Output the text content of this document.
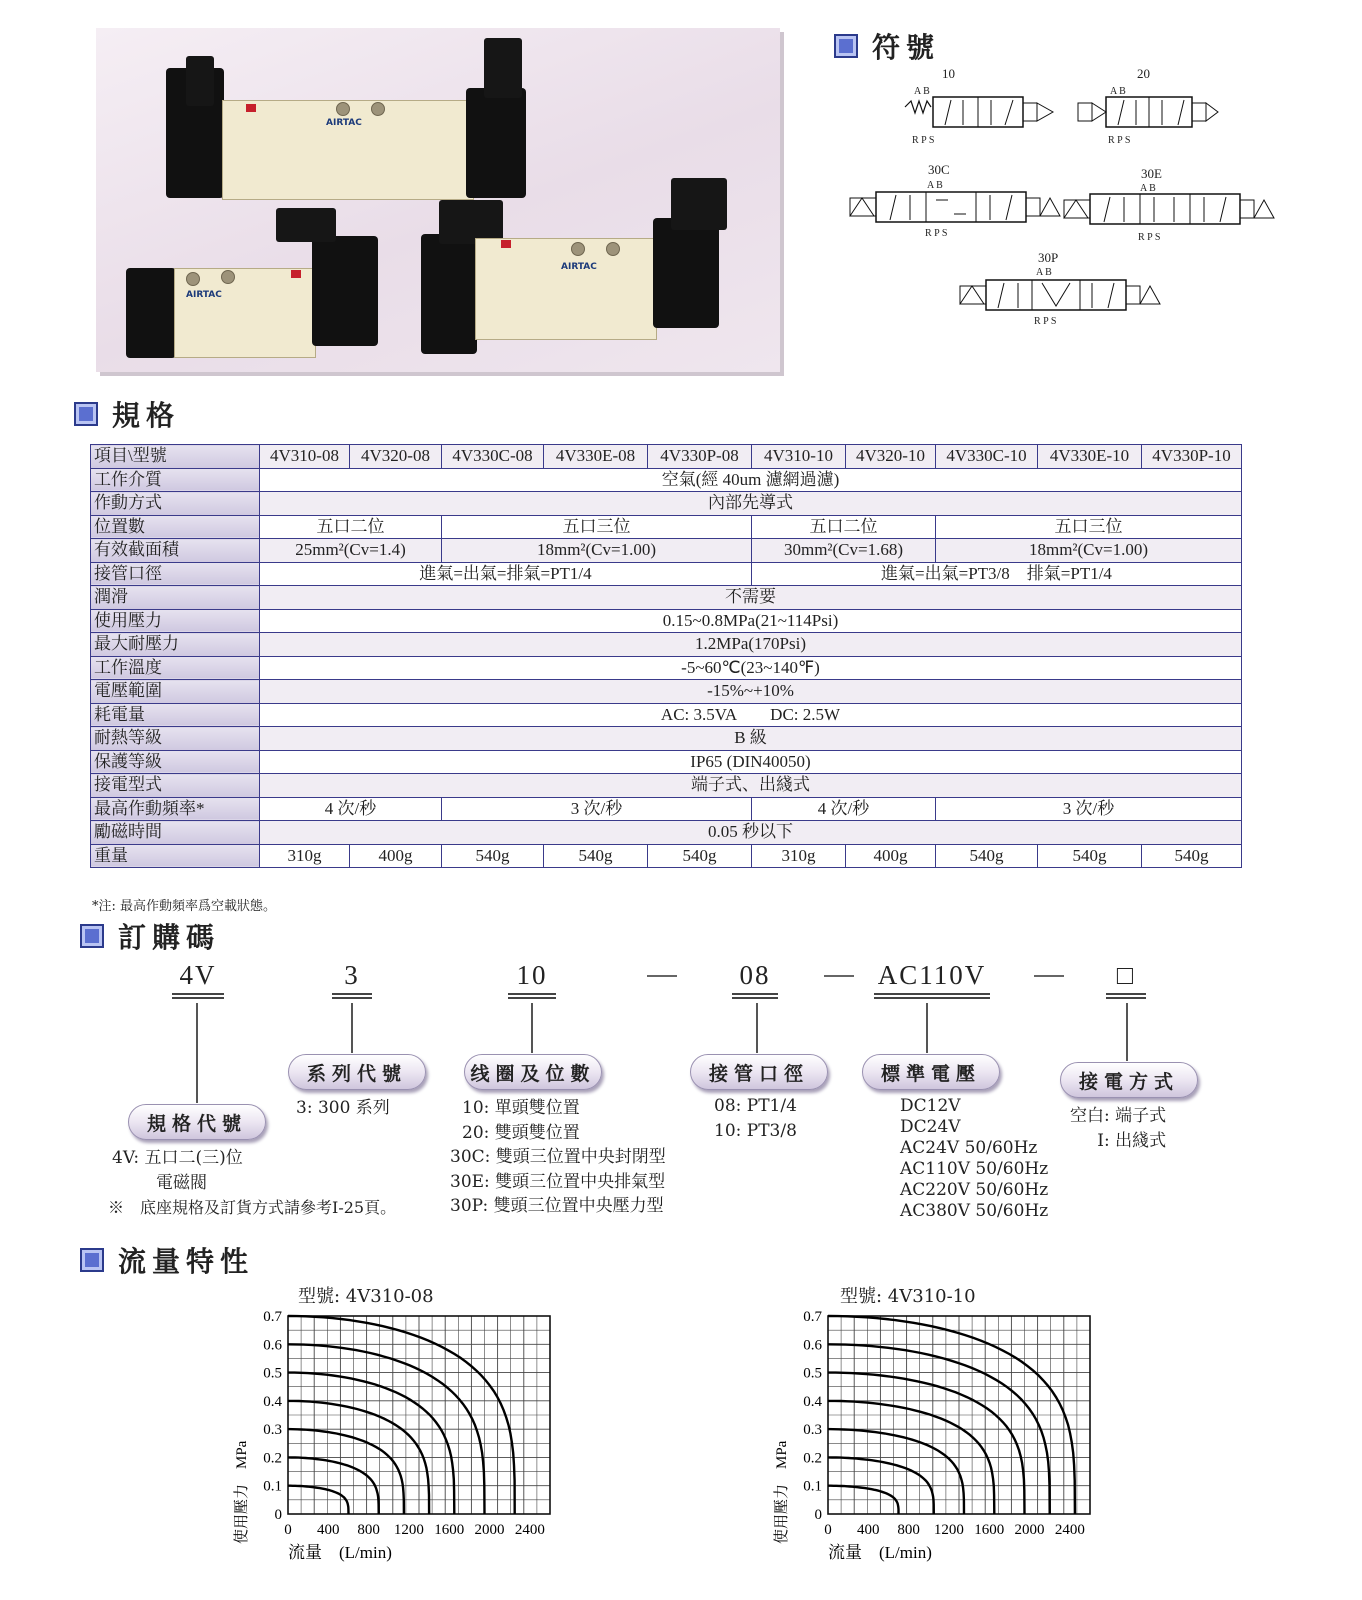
AIRTAC
AIRTAC
AIRTAC
符號
10
A B
R P S
20
A B
R P S
30C
A B
R P S
30E
A B
R P S
30P
A B
R P S
規格
項目\型號	4V310-08	4V320-08	4V330C-08	4V330E-08	4V330P-08	4V310-10	4V320-10	4V330C-10	4V330E-10	4V330P-10
工作介質	空氣(經 40um 濾網過濾)									
作動方式	內部先導式									
位置數	五口二位		五口三位			五口二位		五口三位		
有效截面積	25mm²(Cv=1.4)		18mm²(Cv=1.00)			30mm²(Cv=1.68)		18mm²(Cv=1.00)		
接管口徑	進氣=出氣=排氣=PT1/4					進氣=出氣=PT3/8　排氣=PT1/4				
潤滑	不需要									
使用壓力	0.15~0.8MPa(21~114Psi)									
最大耐壓力	1.2MPa(170Psi)									
工作溫度	-5~60℃(23~140℉)									
電壓範圍	-15%~+10%									
耗電量	AC: 3.5VA　　DC: 2.5W									
耐熱等級	B 級									
保護等級	IP65 (DIN40050)									
接電型式	端子式、出綫式									
最高作動頻率*	4 次/秒		3 次/秒			4 次/秒		3 次/秒		
勵磁時間	0.05 秒以下									
重量	310g	400g	540g	540g	540g	310g	400g	540g	540g	540g
*注: 最高作動頻率爲空載狀態。
訂購碼
4V	3	10	08	AC110V	□
規格代號
系列代號	线圈及位數	接管口徑	標準電壓	接電方式
4V: 五口二(三)位
電磁閥
3: 300 系列	10: 單頭雙位置
20: 雙頭雙位置
30C: 雙頭三位置中央封閉型
30E: 雙頭三位置中央排氣型
30P: 雙頭三位置中央壓力型
08: PT1/4
10: PT3/8
DC12V
DC24V
AC24V 50/60Hz
AC110V 50/60Hz
AC220V 50/60Hz
AC380V 50/60Hz
空白: 端子式
I: 出綫式
※　底座規格及訂貨方式請參考Ⅰ-25頁。
流量特性
型號: 4V310-08	型號: 4V310-10
0
0.1
0.2
0.3
0.4
0.5
0.6
0.7
0 400 800 1200 1600 2000 2400
使用壓力　MPa
流量　(L/min)
0
0.1
0.2
0.3
0.4
0.5
0.6
0.7
0 400 800 1200 1600 2000 2400
使用壓力　MPa
流量　(L/min)
